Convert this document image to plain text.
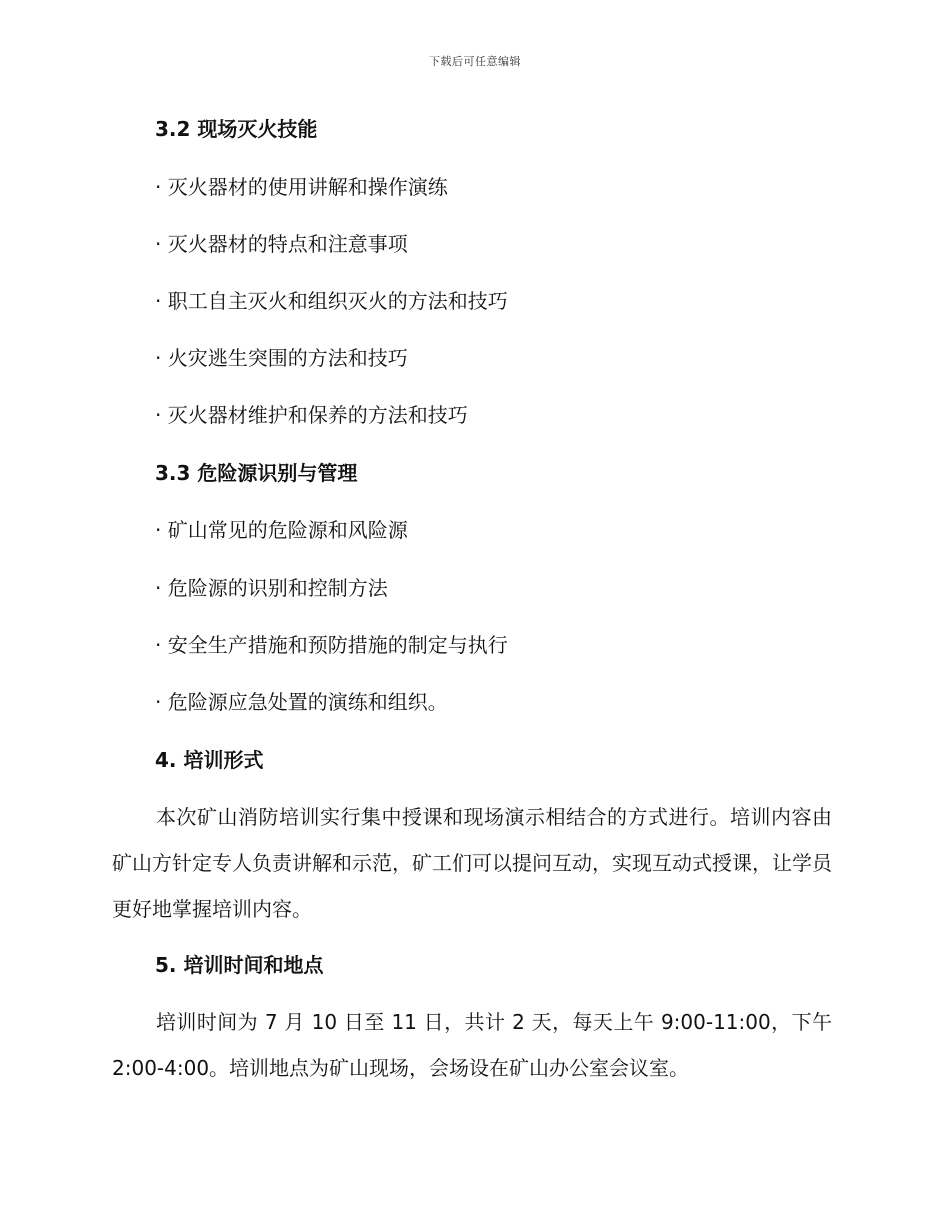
下载后可任意编辑
3.2 现场灭火技能
· 灭火器材的使用讲解和操作演练
· 灭火器材的特点和注意事项
· 职工自主灭火和组织灭火的方法和技巧
· 火灾逃生突围的方法和技巧
· 灭火器材维护和保养的方法和技巧
3.3 危险源识别与管理
· 矿山常见的危险源和风险源
· 危险源的识别和控制方法
· 安全生产措施和预防措施的制定与执行
· 危险源应急处置的演练和组织。
4. 培训形式
本次矿山消防培训实行集中授课和现场演示相结合的方式进行。培训内容由矿山方针定专人负责讲解和示范，矿工们可以提问互动，实现互动式授课，让学员更好地掌握培训内容。
5. 培训时间和地点
培训时间为 7 月 10 日至 11 日，共计 2 天，每天上午 9:00-11:00，下午 2:00-4:00。培训地点为矿山现场，会场设在矿山办公室会议室。
